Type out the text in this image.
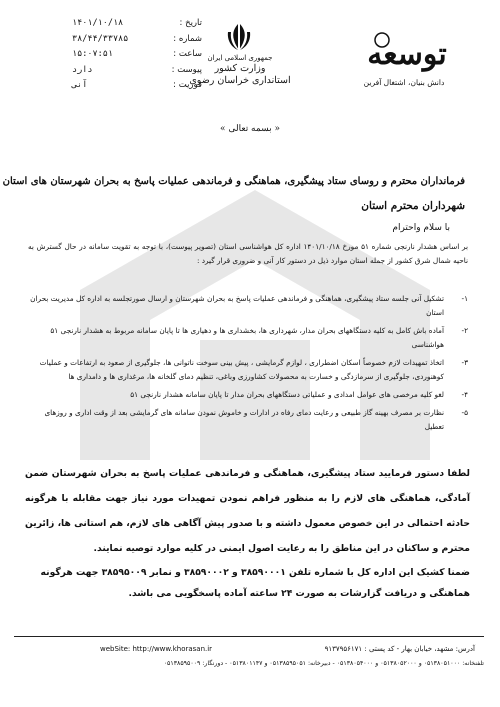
تاریخ :
۱۴۰۱/۱۰/۱۸
شماره :
۳۸/۴۴/۳۳۷۸۵
ساعت :
۱۵:۰۷:۵۱
پیوست :
دارد
فوریت :
آنی
جمهوری اسلامی ایران
وزارت کشور
استانداری خراسان رضوی
توسعه
دانش بنیان، اشتغال آفرین
« بسمه تعالی »
فرمانداران محترم و روسای ستاد پیشگیری، هماهنگی و فرماندهی عملیات پاسخ به بحران شهرستان های استان
شهرداران محترم استان
با سلام واحترام
بر اساس هشدار نارنجی شماره ۵۱ مورخ ۱۴۰۱/۱۰/۱۸ اداره کل هواشناسی استان (تصویر پیوست)، با توجه به تقویت سامانه در حال گسترش به ناحیه شمال شرق کشور از جمله استان موارد ذیل در دستور کار آنی و ضروری قرار گیرد :
۱-
تشکیل آنی جلسه ستاد پیشگیری، هماهنگی و فرماندهی عملیات پاسخ به بحران شهرستان و ارسال صورتجلسه به اداره کل مدیریت بحران استان
۲-
آماده باش کامل به کلیه دستگاههای بحران مدار، شهرداری ها، بخشداری ها و دهیاری ها تا پایان سامانه مربوط به هشدار نارنجی ۵۱ هواشناسی
۳-
اتخاذ تمهیدات لازم خصوصاً اسکان اضطراری ، لوازم گرمایشی ، پیش بینی سوخت ناتوانی ها، جلوگیری از صعود به ارتفاعات و عملیات کوهنوردی، جلوگیری از سرمازدگی و خسارت به محصولات کشاورزی وباغی، تنظیم دمای گلخانه ها، مرغداری ها و دامداری ها
۴-
لغو کلیه مرخصی های عوامل امدادی و عملیاتی دستگاههای بحران مدار تا پایان سامانه هشدار نارنجی ۵۱
۵-
نظارت بر مصرف بهینه گاز طبیعی و رعایت دمای رفاه در ادارات و خاموش نمودن سامانه های گرمایشی بعد از وقت اداری و روزهای تعطیل
لطفا دستور فرمایید ستاد پیشگیری، هماهنگی و فرماندهی عملیات پاسخ به بحران شهرستان ضمن آمادگی، هماهنگی های لازم را به منظور فراهم نمودن تمهیدات مورد نیاز جهت مقابله با هرگونه حادثه احتمالی در این خصوص معمول داشته و با صدور پیش آگاهی های لازم، هم استانی ها، زائرین محترم و ساکنان در این مناطق را به رعایت اصول ایمنی در کلیه موارد توصیه نمایند.
ضمنا کشیک این اداره کل با شماره تلفن ۳۸۵۹۰۰۰۱ و ۳۸۵۹۰۰۰۲ و نمابر ۳۸۵۹۵۰۰۹ جهت هرگونه هماهنگی و دریافت گزارشات به صورت ۲۴ ساعته آماده پاسخگویی می باشد.
webSite: http://www.khorasan.ir	آدرس: مشهد، خیابان بهار - کد پستی : ۹۱۳۷۹۵۶۱۷۱
تلفنخانه: ۰۵۱۳۸۰۵۱۰۰۰ و ۰۵۱۳۸۰۵۲۰۰۰ و ۰۵۱۳۸۰۵۴۰۰۰ - دبیرخانه: ۰۵۱۳۸۵۹۵۰۵۱ و ۰۵۱۳۸۰۱۱۴۷ - دورنگار: ۰۵۱۳۸۵۹۵۰۰۹
